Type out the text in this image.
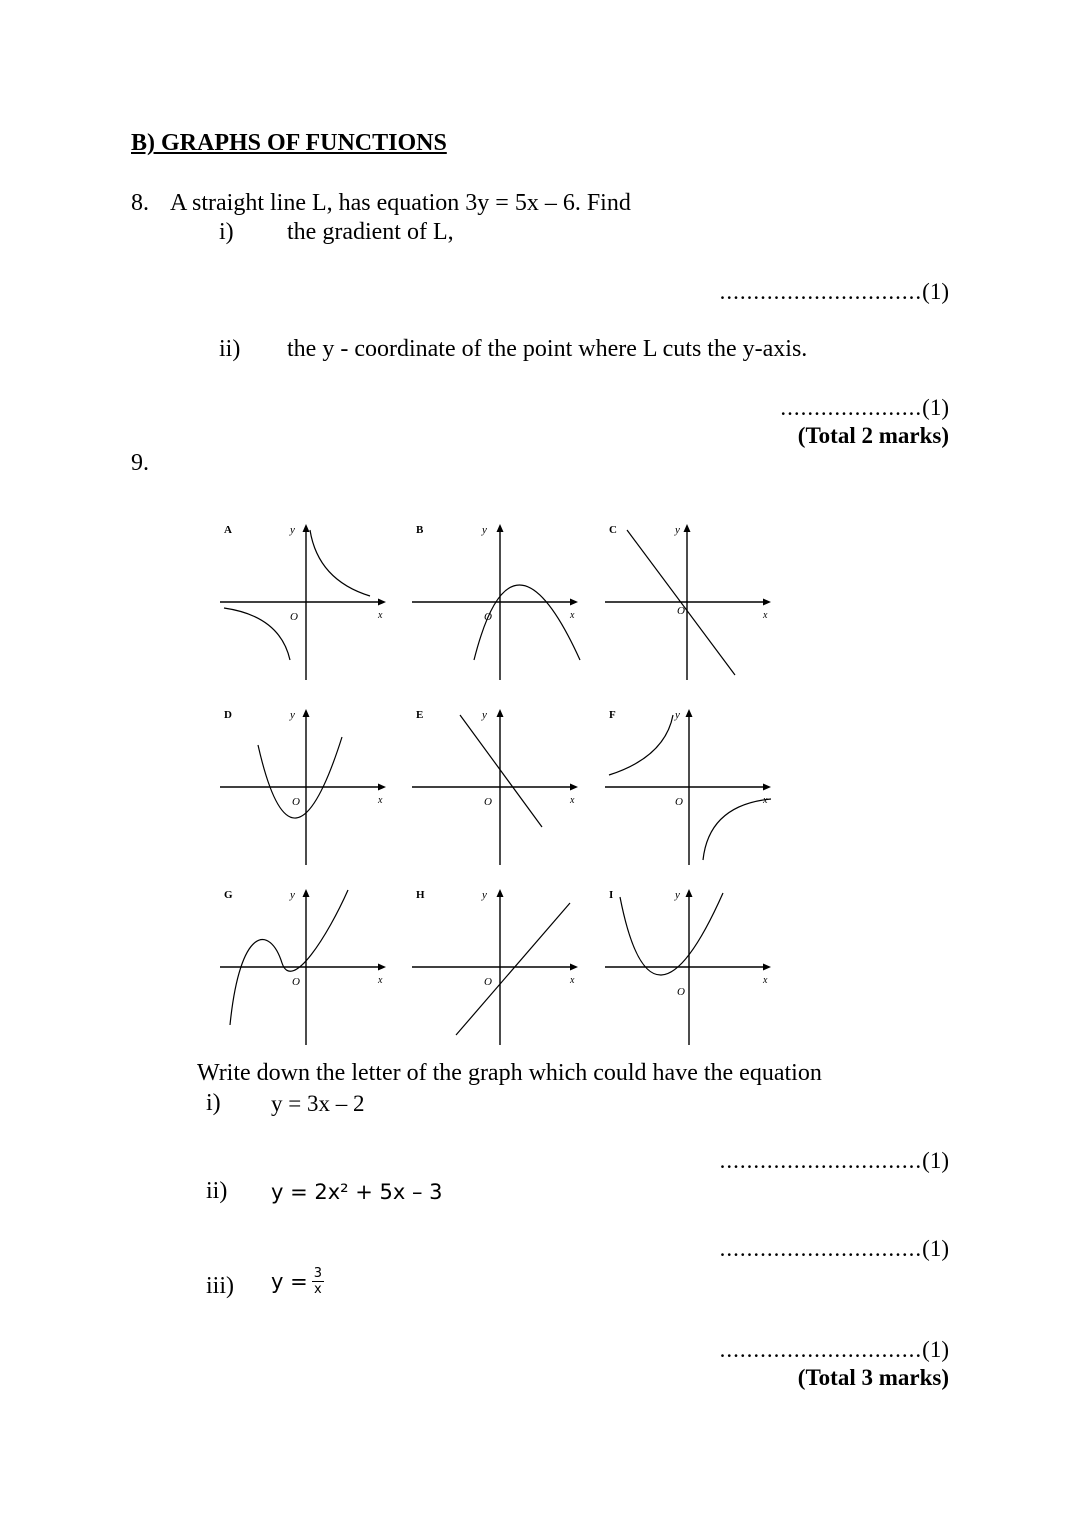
B) GRAPHS OF FUNCTIONS
8. A straight line L, has equation 3y = 5x – 6. Find
i) the gradient of L,
..............................(1)
ii) the y - coordinate of the point where L cuts the y-axis.
.....................(1)
(Total 2 marks)
9.
A	y
O	x
B	y
O	x
C	y
O	x
D	y
O	x
E	y
O	x
F	y
O	x
G	y
O	x
H	y
O	x
I	y
O
x
Write down the letter of the graph which could have the equation
i) y = 3x – 2
..............................(1)
ii) y = 2x² + 5x – 3
..............................(1)
iii) $y = \frac{3}{x}$
..............................(1)
(Total 3 marks)
